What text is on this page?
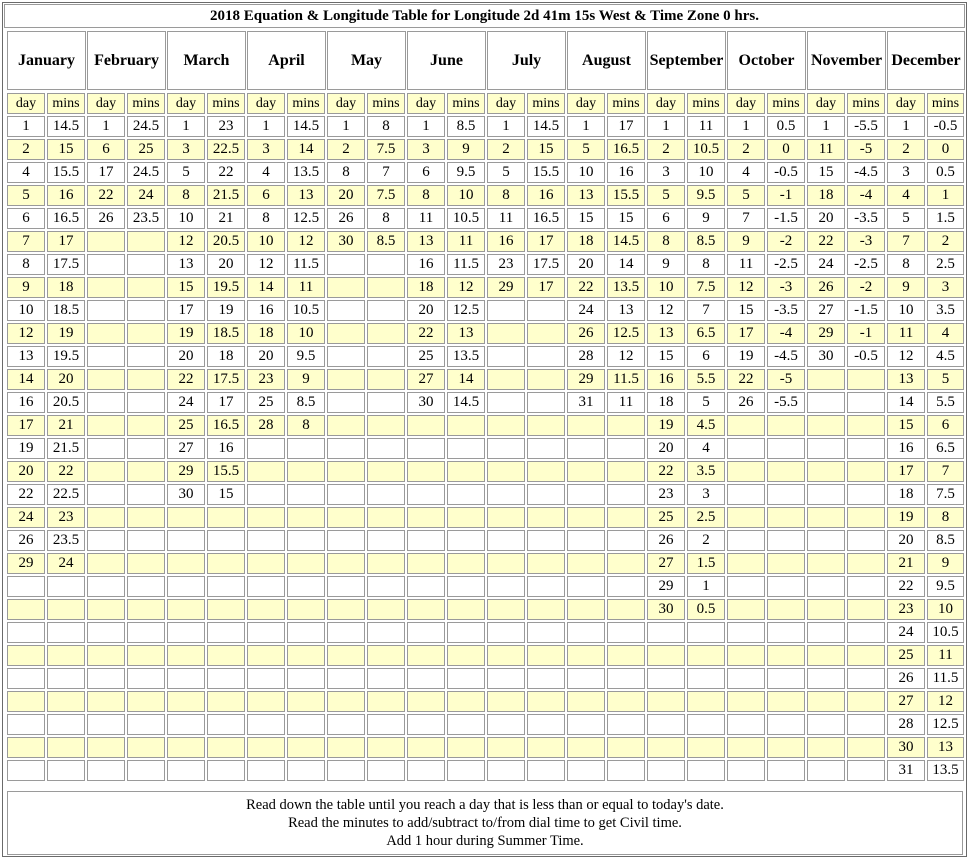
2018 Equation & Longitude Table for Longitude 2d 41m 15s West & Time Zone 0 hrs.
January
day	mins
1	14.5
2	15
4	15.5
5	16
6	16.5
7	17
8	17.5
9	18
10	18.5
12	19
13	19.5
14	20
16	20.5
17	21
19	21.5
20	22
22	22.5
24	23
26	23.5
29	24
February
day	mins
1	24.5
6	25
17	24.5
22	24
26	23.5
March
day	mins
1	23
3	22.5
5	22
8	21.5
10	21
12	20.5
13	20
15	19.5
17	19
19	18.5
20	18
22	17.5
24	17
25	16.5
27	16
29	15.5
30	15
April
day	mins
1	14.5
3	14
4	13.5
6	13
8	12.5
10	12
12	11.5
14	11
16	10.5
18	10
20	9.5
23	9
25	8.5
28	8
May
day	mins
1	8
2	7.5
8	7
20	7.5
26	8
30	8.5
June
day	mins
1	8.5
3	9
6	9.5
8	10
11	10.5
13	11
16	11.5
18	12
20	12.5
22	13
25	13.5
27	14
30	14.5
July
day	mins
1	14.5
2	15
5	15.5
8	16
11	16.5
16	17
23	17.5
29	17
August
day	mins
1	17
5	16.5
10	16
13	15.5
15	15
18	14.5
20	14
22	13.5
24	13
26	12.5
28	12
29	11.5
31	11
September
day	mins
1	11
2	10.5
3	10
5	9.5
6	9
8	8.5
9	8
10	7.5
12	7
13	6.5
15	6
16	5.5
18	5
19	4.5
20	4
22	3.5
23	3
25	2.5
26	2
27	1.5
29	1
30	0.5
October
day	mins
1	0.5
2	0
4	-0.5
5	-1
7	-1.5
9	-2
11	-2.5
12	-3
15	-3.5
17	-4
19	-4.5
22	-5
26	-5.5
November
day	mins
1	-5.5
11	-5
15	-4.5
18	-4
20	-3.5
22	-3
24	-2.5
26	-2
27	-1.5
29	-1
30	-0.5
December
day	mins
1	-0.5
2	0
3	0.5
4	1
5	1.5
7	2
8	2.5
9	3
10	3.5
11	4
12	4.5
13	5
14	5.5
15	6
16	6.5
17	7
18	7.5
19	8
20	8.5
21	9
22	9.5
23	10
24	10.5
25	11
26	11.5
27	12
28	12.5
30	13
31	13.5
Read down the table until you reach a day that is less than or equal to today's date.
Read the minutes to add/subtract to/from dial time to get Civil time.
Add 1 hour during Summer Time.
